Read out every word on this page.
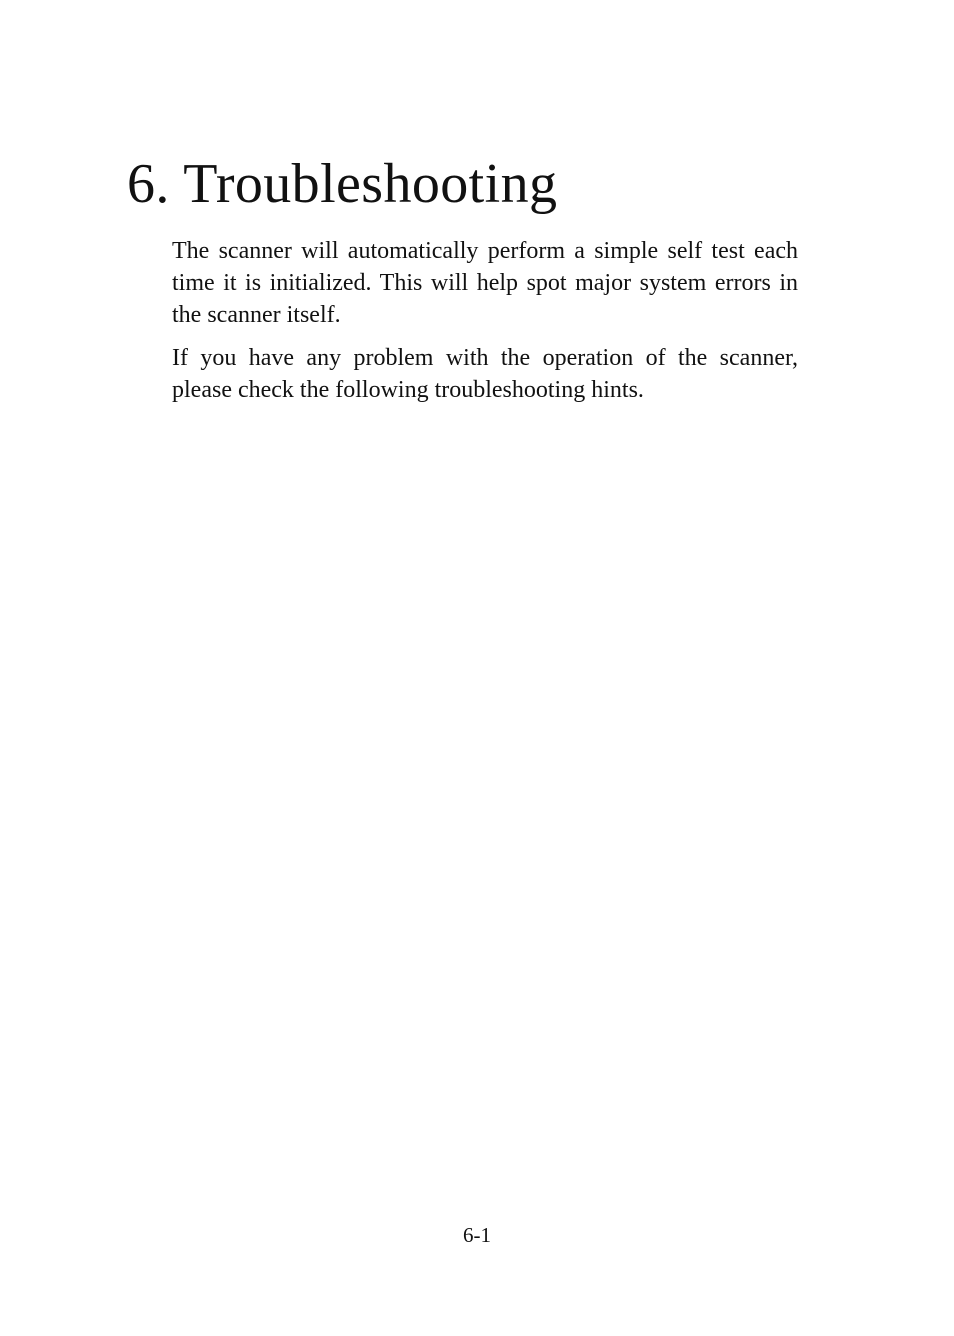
6. Troubleshooting

The scanner will automatically perform a simple self test each time it is initialized. This will help spot major system errors in the scanner itself.

If you have any problem with the operation of the scanner, please check the following troubleshooting hints.

6-1
